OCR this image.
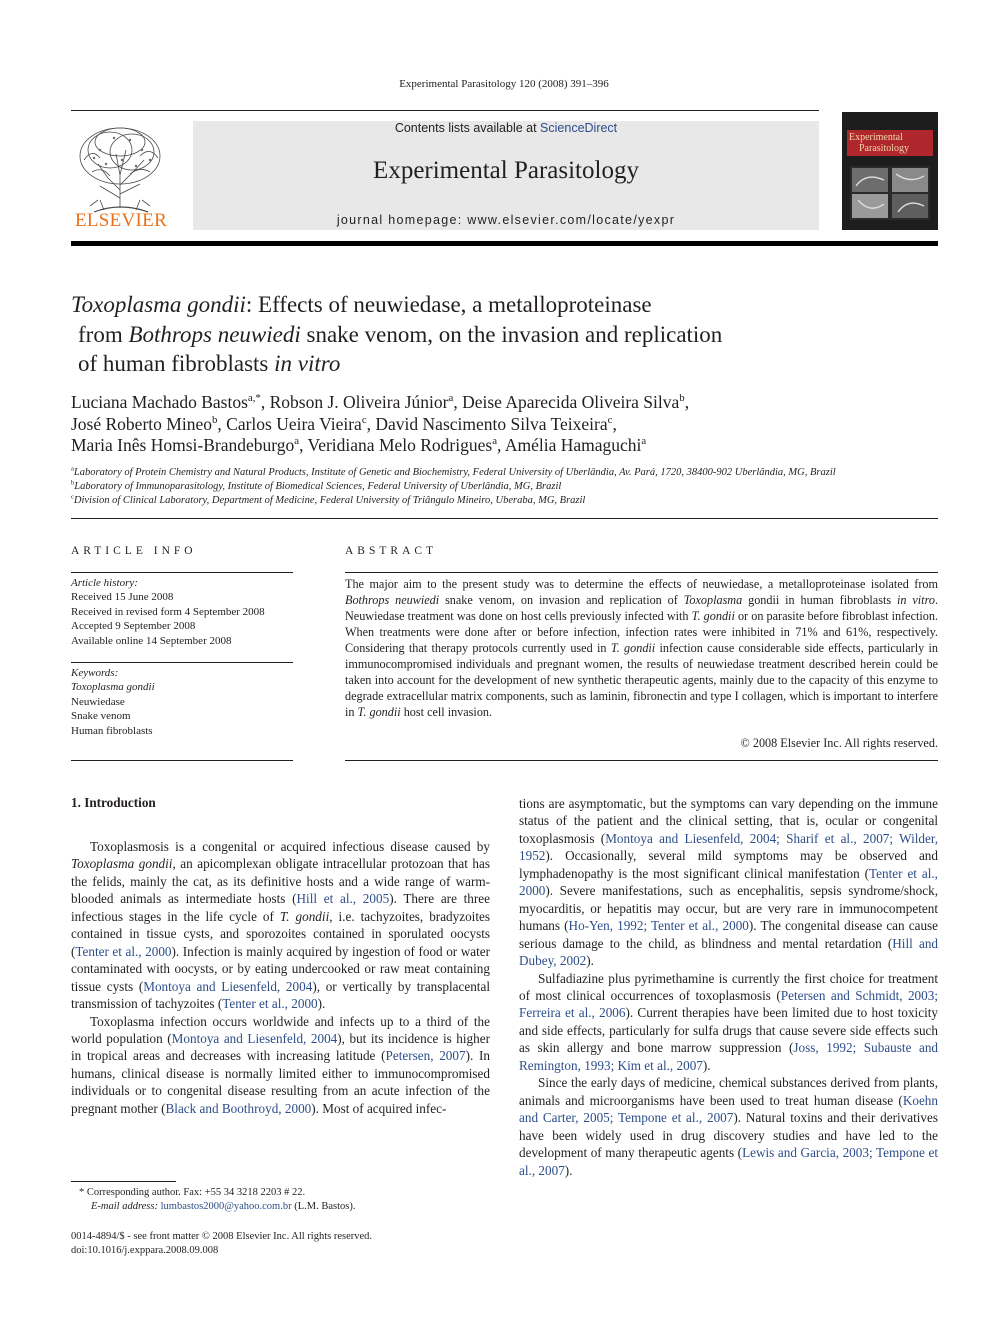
Experimental Parasitology 120 (2008) 391–396
ELSEVIER
Contents lists available at ScienceDirect
Experimental Parasitology
journal homepage: www.elsevier.com/locate/yexpr
Experimental
Parasitology
Toxoplasma gondii: Effects of neuwiedase, a metalloproteinase
from Bothrops neuwiedi snake venom, on the invasion and replication
of human fibroblasts in vitro
Luciana Machado Bastos$^{a,*}$, Robson J. Oliveira Júnior$^a$, Deise Aparecida Oliveira Silva$^b$,
José Roberto Mineo$^b$, Carlos Ueira Vieira$^c$, David Nascimento Silva Teixeira$^c$,
Maria Inês Homsi-Brandeburgo$^a$, Veridiana Melo Rodrigues$^a$, Amélia Hamaguchi$^a$
$^a$Laboratory of Protein Chemistry and Natural Products, Institute of Genetic and Biochemistry, Federal University of Uberlândia, Av. Pará, 1720, 38400-902 Uberlândia, MG, Brazil
$^b$Laboratory of Immunoparasitology, Institute of Biomedical Sciences, Federal University of Uberlândia, MG, Brazil
$^c$Division of Clinical Laboratory, Department of Medicine, Federal University of Triângulo Mineiro, Uberaba, MG, Brazil
ARTICLE INFO
Article history:
Received 15 June 2008
Received in revised form 4 September 2008
Accepted 9 September 2008
Available online 14 September 2008
Keywords:
Toxoplasma gondii
Neuwiedase
Snake venom
Human fibroblasts
ABSTRACT
The major aim to the present study was to determine the effects of neuwiedase, a metalloproteinase isolated from Bothrops neuwiedi snake venom, on invasion and replication of Toxoplasma gondii in human fibroblasts in vitro. Neuwiedase treatment was done on host cells previously infected with T. gondii or on parasite before fibroblast infection. When treatments were done after or before infection, infection rates were inhibited in 71% and 61%, respectively. Considering that therapy protocols currently used in T. gondii infection cause considerable side effects, particularly in immunocompromised individuals and pregnant women, the results of neuwiedase treatment described herein could be taken into account for the development of new synthetic therapeutic agents, mainly due to the capacity of this enzyme to degrade extracellular matrix components, such as laminin, fibronectin and type I collagen, which is important to interfere in T. gondii host cell invasion.
© 2008 Elsevier Inc. All rights reserved.
1. Introduction

Toxoplasmosis is a congenital or acquired infectious disease caused by Toxoplasma gondii, an apicomplexan obligate intracellular protozoan that has the felids, mainly the cat, as its definitive hosts and a wide range of warm-blooded animals as intermediate hosts (Hill et al., 2005). There are three infectious stages in the life cycle of T. gondii, i.e. tachyzoites, bradyzoites contained in tissue cysts, and sporozoites contained in sporulated oocysts (Tenter et al., 2000). Infection is mainly acquired by ingestion of food or water contaminated with oocysts, or by eating undercooked or raw meat containing tissue cysts (Montoya and Liesenfeld, 2004), or vertically by transplacental transmission of tachyzoites (Tenter et al., 2000).

Toxoplasma infection occurs worldwide and infects up to a third of the world population (Montoya and Liesenfeld, 2004), but its incidence is higher in tropical areas and decreases with increasing latitude (Petersen, 2007). In humans, clinical disease is normally limited either to immunocompromised individuals or to congenital disease resulting from an acute infection of the pregnant mother (Black and Boothroyd, 2000). Most of acquired infec-

tions are asymptomatic, but the symptoms can vary depending on the immune status of the patient and the clinical setting, that is, ocular or congenital toxoplasmosis (Montoya and Liesenfeld, 2004; Sharif et al., 2007; Wilder, 1952). Occasionally, several mild symptoms may be observed and lymphadenopathy is the most significant clinical manifestation (Tenter et al., 2000). Severe manifestations, such as encephalitis, sepsis syndrome/shock, myocarditis, or hepatitis may occur, but are very rare in immunocompetent humans (Ho-Yen, 1992; Tenter et al., 2000). The congenital disease can cause serious damage to the child, as blindness and mental retardation (Hill and Dubey, 2002).

Sulfadiazine plus pyrimethamine is currently the first choice for treatment of most clinical occurrences of toxoplasmosis (Petersen and Schmidt, 2003; Ferreira et al., 2006). Current therapies have been limited due to host toxicity and side effects, particularly for sulfa drugs that cause severe side effects such as skin allergy and bone marrow suppression (Joss, 1992; Subauste and Remington, 1993; Kim et al., 2007).

Since the early days of medicine, chemical substances derived from plants, animals and microorganisms have been used to treat human disease (Koehn and Carter, 2005; Tempone et al., 2007). Natural toxins and their derivatives have been widely used in drug discovery studies and have led to the development of many therapeutic agents (Lewis and Garcia, 2003; Tempone et al., 2007).

* Corresponding author. Fax: +55 34 3218 2203 # 22.
E-mail address: lumbastos2000@yahoo.com.br (L.M. Bastos).
0014-4894/$ - see front matter © 2008 Elsevier Inc. All rights reserved.
doi:10.1016/j.exppara.2008.09.008
